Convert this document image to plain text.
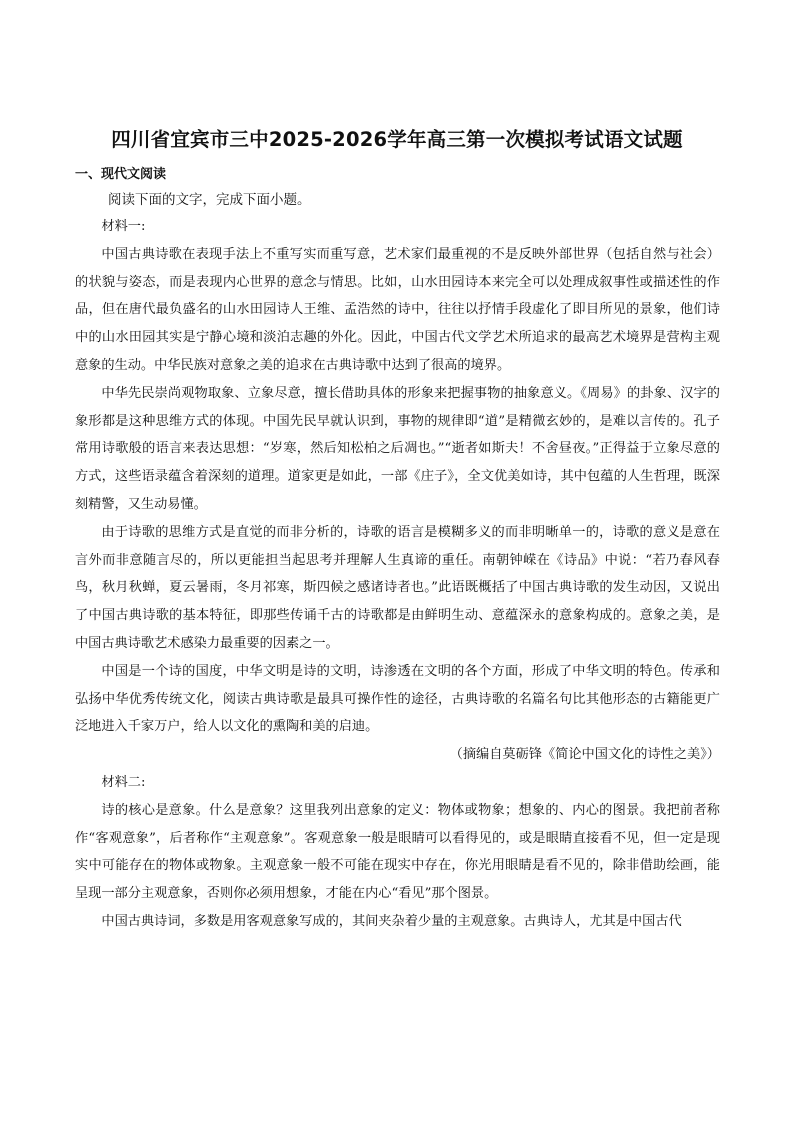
四川省宜宾市三中2025-2026学年高三第一次模拟考试语文试题
一、现代文阅读
阅读下面的文字，完成下面小题。

材料一:

中国古典诗歌在表现手法上不重写实而重写意，艺术家们最重视的不是反映外部世界（包括自然与社会）的状貌与姿态，而是表现内心世界的意念与情思。比如，山水田园诗本来完全可以处理成叙事性或描述性的作品，但在唐代最负盛名的山水田园诗人王维、孟浩然的诗中，往往以抒情手段虚化了即目所见的景象，他们诗中的山水田园其实是宁静心境和淡泊志趣的外化。因此，中国古代文学艺术所追求的最高艺术境界是营构主观意象的生动。中华民族对意象之美的追求在古典诗歌中达到了很高的境界。

中华先民崇尚观物取象、立象尽意，擅长借助具体的形象来把握事物的抽象意义。《周易》的卦象、汉字的象形都是这种思维方式的体现。中国先民早就认识到，事物的规律即“道”是精微玄妙的，是难以言传的。孔子常用诗歌般的语言来表达思想：“岁寒，然后知松柏之后凋也。”“逝者如斯夫！不舍昼夜。”正得益于立象尽意的方式，这些语录蕴含着深刻的道理。道家更是如此，一部《庄子》，全文优美如诗，其中包蕴的人生哲理，既深刻精警，又生动易懂。

由于诗歌的思维方式是直觉的而非分析的，诗歌的语言是模糊多义的而非明晰单一的，诗歌的意义是意在言外而非意随言尽的，所以更能担当起思考并理解人生真谛的重任。南朝钟嵘在《诗品》中说：“若乃春风春鸟，秋月秋蝉，夏云暑雨，冬月祁寒，斯四候之感诸诗者也。”此语既概括了中国古典诗歌的发生动因，又说出了中国古典诗歌的基本特征，即那些传诵千古的诗歌都是由鲜明生动、意蕴深永的意象构成的。意象之美，是中国古典诗歌艺术感染力最重要的因素之一。

中国是一个诗的国度，中华文明是诗的文明，诗渗透在文明的各个方面，形成了中华文明的特色。传承和弘扬中华优秀传统文化，阅读古典诗歌是最具可操作性的途径，古典诗歌的名篇名句比其他形态的古籍能更广泛地进入千家万户，给人以文化的熏陶和美的启迪。

（摘编自莫砺锋《简论中国文化的诗性之美》）

材料二:

诗的核心是意象。什么是意象？这里我列出意象的定义：物体或物象；想象的、内心的图景。我把前者称作“客观意象”，后者称作“主观意象”。客观意象一般是眼睛可以看得见的，或是眼睛直接看不见，但一定是现实中可能存在的物体或物象。主观意象一般不可能在现实中存在，你光用眼睛是看不见的，除非借助绘画，能呈现一部分主观意象，否则你必须用想象，才能在内心“看见”那个图景。

中国古典诗词，多数是用客观意象写成的，其间夹杂着少量的主观意象。古典诗人，尤其是中国古代
